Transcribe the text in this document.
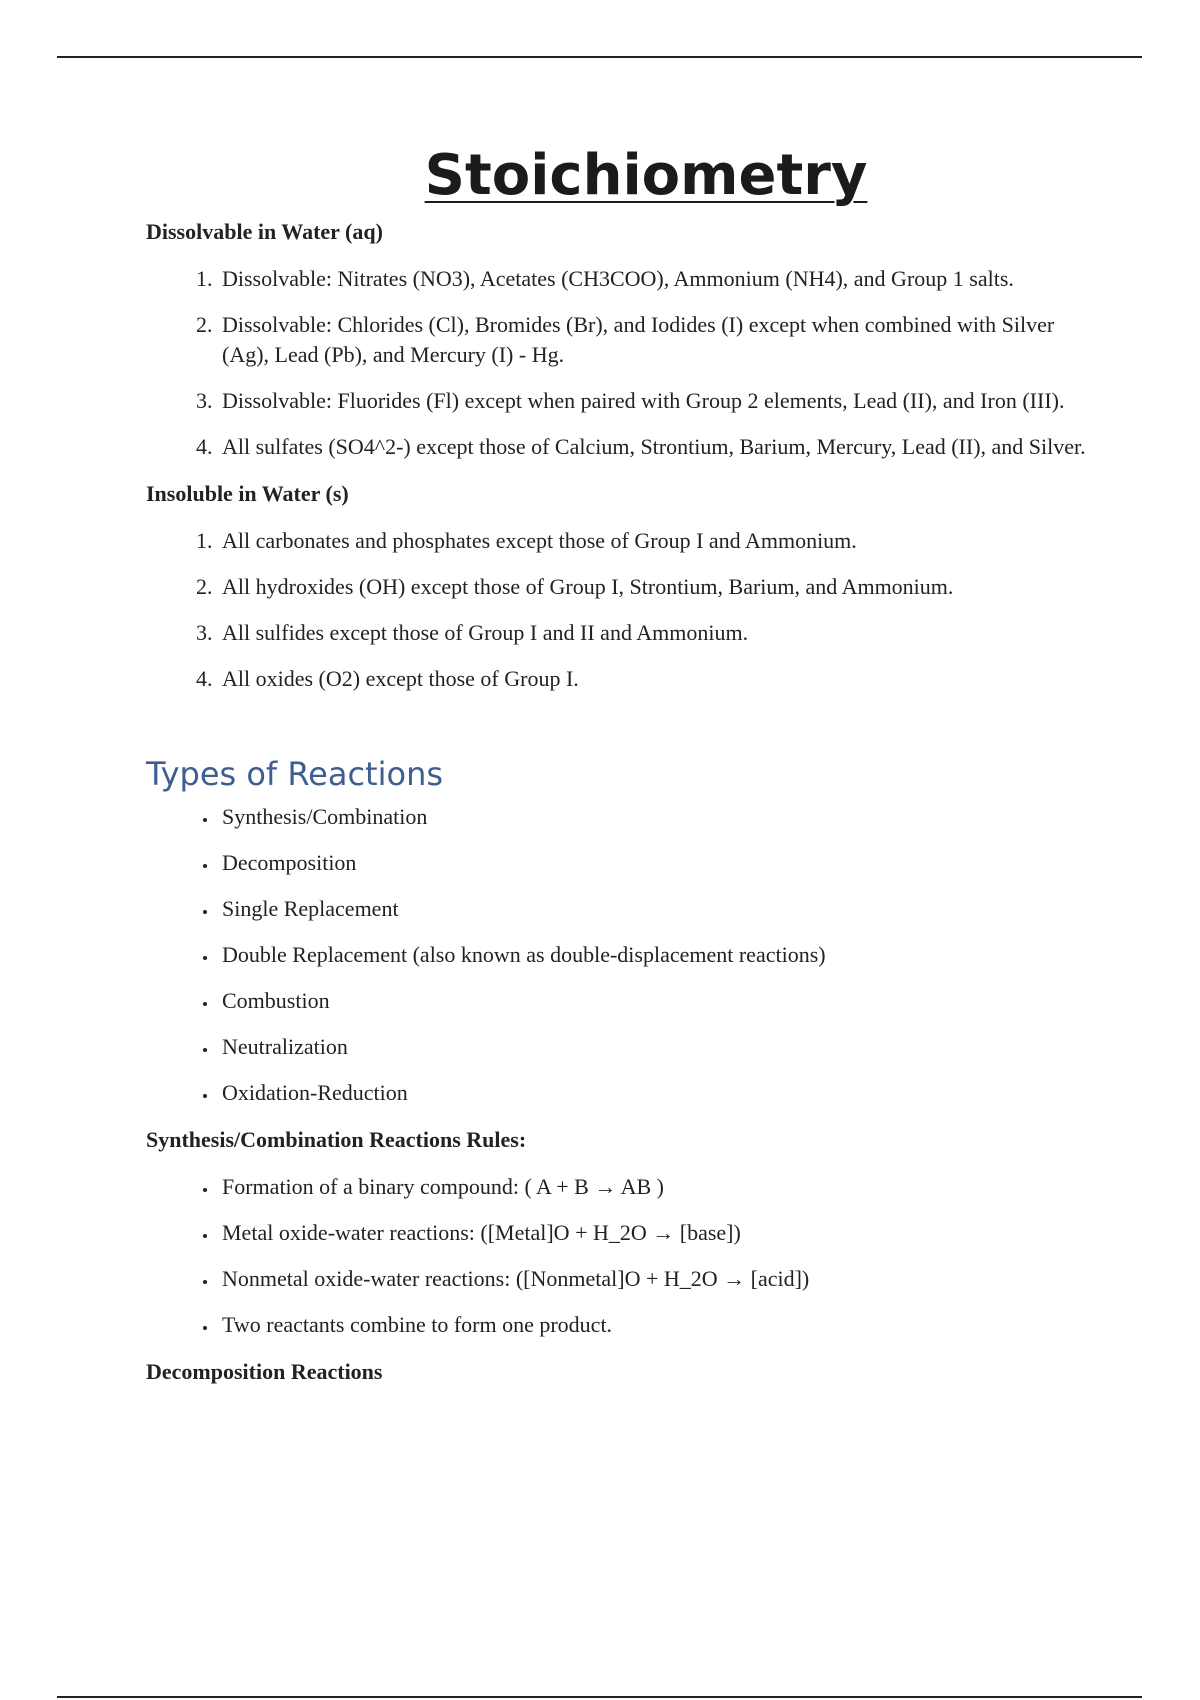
Stoichiometry
Dissolvable in Water (aq)
1. Dissolvable: Nitrates (NO3), Acetates (CH3COO), Ammonium (NH4), and Group 1 salts.
2. Dissolvable: Chlorides (Cl), Bromides (Br), and Iodides (I) except when combined with Silver (Ag), Lead (Pb), and Mercury (I) - Hg.
3. Dissolvable: Fluorides (Fl) except when paired with Group 2 elements, Lead (II), and Iron (III).
4. All sulfates (SO4^2-) except those of Calcium, Strontium, Barium, Mercury, Lead (II), and Silver.
Insoluble in Water (s)
1. All carbonates and phosphates except those of Group I and Ammonium.
2. All hydroxides (OH) except those of Group I, Strontium, Barium, and Ammonium.
3. All sulfides except those of Group I and II and Ammonium.
4. All oxides (O2) except those of Group I.
Types of Reactions
• Synthesis/Combination
• Decomposition
• Single Replacement
• Double Replacement (also known as double-displacement reactions)
• Combustion
• Neutralization
• Oxidation-Reduction
Synthesis/Combination Reactions Rules:
• Formation of a binary compound: ( A + B → AB )
• Metal oxide-water reactions: ([Metal]O + H_2O → [base])
• Nonmetal oxide-water reactions: ([Nonmetal]O + H_2O → [acid])
• Two reactants combine to form one product.
Decomposition Reactions
